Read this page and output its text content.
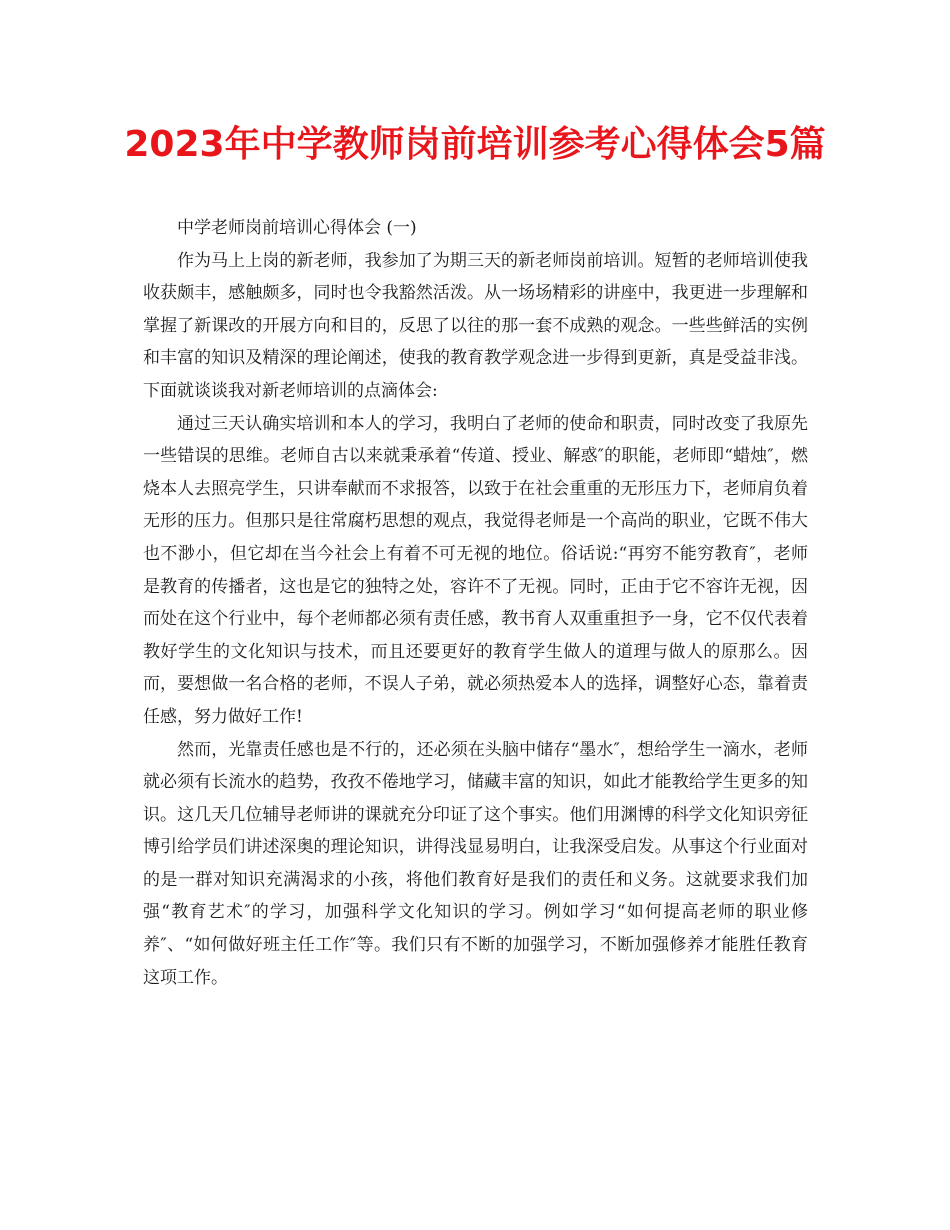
2023年中学教师岗前培训参考心得体会5篇

中学老师岗前培训心得体会 (一)

作为马上上岗的新老师，我参加了为期三天的新老师岗前培训。短暂的老师培训使我收获颇丰，感触颇多，同时也令我豁然活泼。从一场场精彩的讲座中，我更进一步理解和掌握了新课改的开展方向和目的，反思了以往的那一套不成熟的观念。一些些鲜活的实例和丰富的知识及精深的理论阐述，使我的教育教学观念进一步得到更新，真是受益非浅。下面就谈谈我对新老师培训的点滴体会:

通过三天认确实培训和本人的学习，我明白了老师的使命和职责，同时改变了我原先一些错误的思维。老师自古以来就秉承着“传道、授业、解惑″的职能，老师即“蜡烛″，燃烧本人去照亮学生，只讲奉献而不求报答，以致于在社会重重的无形压力下，老师肩负着无形的压力。但那只是往常腐朽思想的观点，我觉得老师是一个高尚的职业，它既不伟大也不渺小，但它却在当今社会上有着不可无视的地位。俗话说:“再穷不能穷教育″，老师是教育的传播者，这也是它的独特之处，容许不了无视。同时，正由于它不容许无视，因而处在这个行业中，每个老师都必须有责任感，教书育人双重重担予一身，它不仅代表着教好学生的文化知识与技术，而且还要更好的教育学生做人的道理与做人的原那么。因而，要想做一名合格的老师，不误人子弟，就必须热爱本人的选择，调整好心态，靠着责任感，努力做好工作!

然而，光靠责任感也是不行的，还必须在头脑中储存“墨水″，想给学生一滴水，老师就必须有长流水的趋势，孜孜不倦地学习，储藏丰富的知识，如此才能教给学生更多的知识。这几天几位辅导老师讲的课就充分印证了这个事实。他们用渊博的科学文化知识旁征博引给学员们讲述深奥的理论知识，讲得浅显易明白，让我深受启发。从事这个行业面对的是一群对知识充满渴求的小孩，将他们教育好是我们的责任和义务。这就要求我们加强“教育艺术″的学习，加强科学文化知识的学习。例如学习“如何提高老师的职业修养″、“如何做好班主任工作″等。我们只有不断的加强学习，不断加强修养才能胜任教育这项工作。
